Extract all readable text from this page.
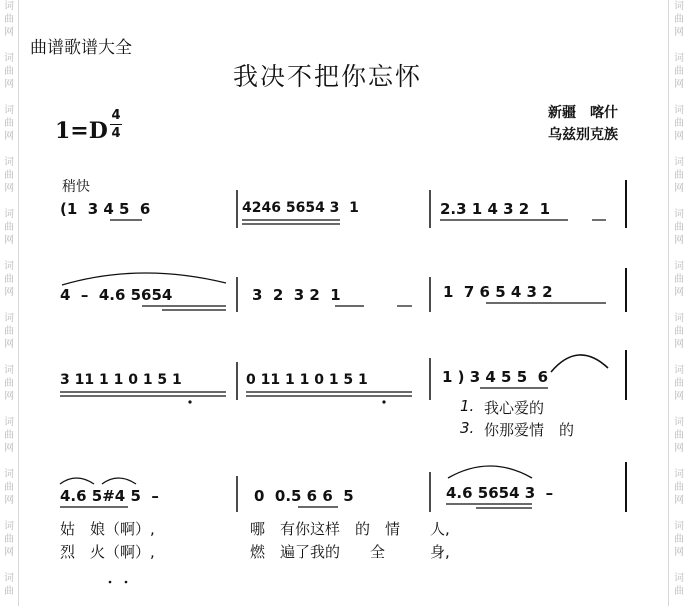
词
曲
网

词
曲
网

词
曲
网

词
曲
网

词
曲
网

词
曲
网

词
曲
网

词
曲
网

词
曲
网

词
曲
网

词
曲
网

词
曲
词
曲
网

词
曲
网

词
曲
网

词
曲
网

词
曲
网

词
曲
网

词
曲
网

词
曲
网

词
曲
网

词
曲
网

词
曲
网

词
曲
曲谱歌谱大全
我决不把你忘怀
1=D
4
4
新疆　喀什
乌兹别克族
稍快
(1  3 4 5  6	4246 5654 3  1	2.3 1 4 3 2  1
4  –  4.6 5654	3  2  3 2  1	1  7 6 5 4 3 2
3 11 1 1 0 1 5 1	0 11 1 1 0 1 5 1	1 ) 3 4 5 5  6
1. 我心爱的
3. 你那爱情　的
4.6 5#4 5  –	0  0.5 6 6  5	4.6 5654 3  –
姑　娘（啊）,	哪　有你这样　的　情　　人,
烈　火（啊）,	燃　遍了我的　　全　　　身,
